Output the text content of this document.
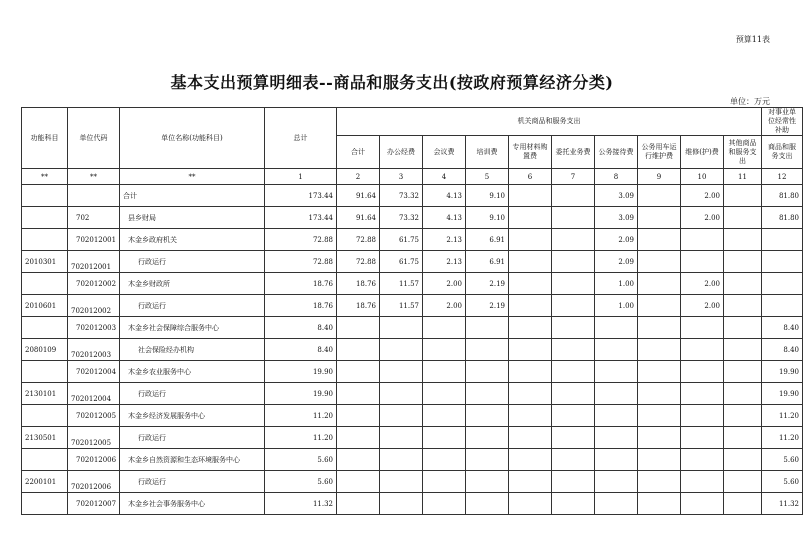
预算11表
基本支出预算明细表--商品和服务支出(按政府预算经济分类)
单位：万元
功能科目	单位代码	单位名称(功能科目)	总计	机关商品和服务支出										对事业单位经常性补助
				合计	办公经费	会议费	培训费	专用材料购置费	委托业务费	公务接待费	公务用车运行维护费	维修(护)费	其他商品和服务支出	商品和服务支出
**	**	**	1	2	3	4	5	6	7	8	9	10	11	12
		合计	173.44	91.64	73.32	4.13	9.10			3.09		2.00		81.80
	702	县乡财局	173.44	91.64	73.32	4.13	9.10			3.09		2.00		81.80
	702012001	木金乡政府机关	72.88	72.88	61.75	2.13	6.91			2.09				
2010301	702012001	行政运行	72.88	72.88	61.75	2.13	6.91			2.09				
	702012002	木金乡财政所	18.76	18.76	11.57	2.00	2.19			1.00		2.00		
2010601	702012002	行政运行	18.76	18.76	11.57	2.00	2.19			1.00		2.00		
	702012003	木金乡社会保障综合服务中心	8.40											8.40
2080109	702012003	社会保险经办机构	8.40											8.40
	702012004	木金乡农业服务中心	19.90											19.90
2130101	702012004	行政运行	19.90											19.90
	702012005	木金乡经济发展服务中心	11.20											11.20
2130501	702012005	行政运行	11.20											11.20
	702012006	木金乡自然资源和生态环境服务中心	5.60											5.60
2200101	702012006	行政运行	5.60											5.60
	702012007	木金乡社会事务服务中心	11.32											11.32
